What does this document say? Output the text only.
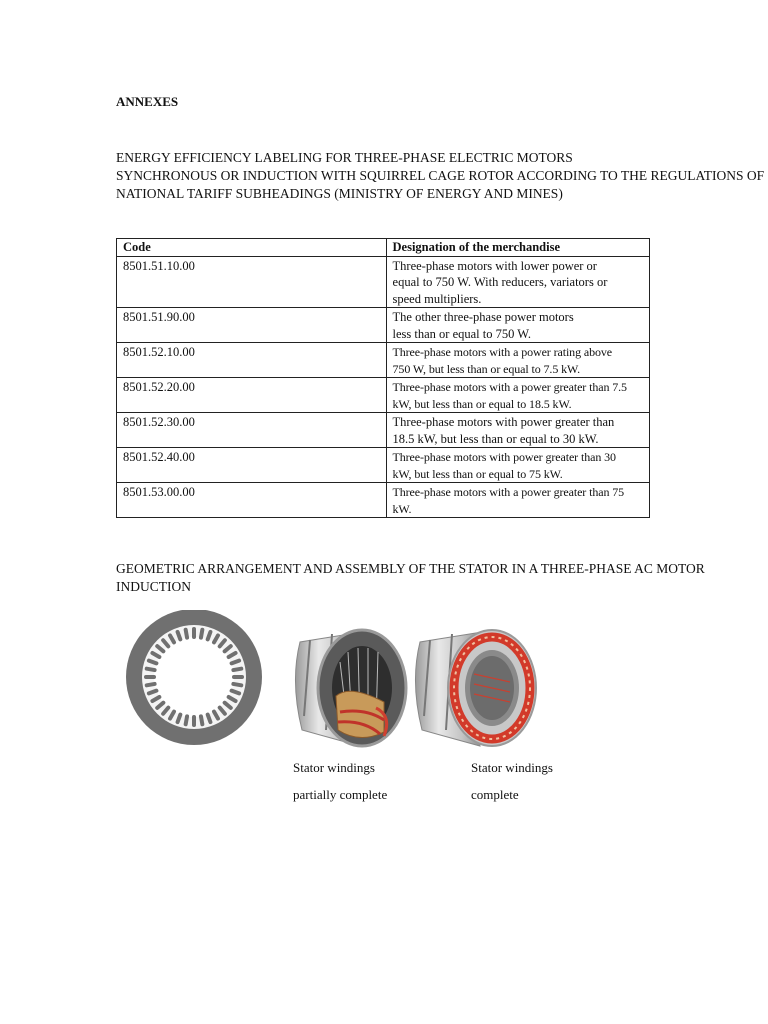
ANNEXES
ENERGY EFFICIENCY LABELING FOR THREE-PHASE ELECTRIC MOTORS
SYNCHRONOUS OR INDUCTION WITH SQUIRREL CAGE ROTOR ACCORDING TO THE REGULATIONS OF
NATIONAL TARIFF SUBHEADINGS (MINISTRY OF ENERGY AND MINES)
Code	Designation of the merchandise
8501.51.10.00	Three-phase motors with lower power or
equal to 750 W. With reducers, variators or
speed multipliers.
8501.51.90.00	The other three-phase power motors
less than or equal to 750 W.
8501.52.10.00	Three-phase motors with a power rating above
750 W, but less than or equal to 7.5 kW.
8501.52.20.00	Three-phase motors with a power greater than 7.5
kW, but less than or equal to 18.5 kW.
8501.52.30.00	Three-phase motors with power greater than
18.5 kW, but less than or equal to 30 kW.
8501.52.40.00	Three-phase motors with power greater than 30
kW, but less than or equal to 75 kW.
8501.53.00.00	Three-phase motors with a power greater than 75
kW.
GEOMETRIC ARRANGEMENT AND ASSEMBLY OF THE STATOR IN A THREE-PHASE AC MOTOR
INDUCTION
Stator windings
partially complete
Stator windings
complete
